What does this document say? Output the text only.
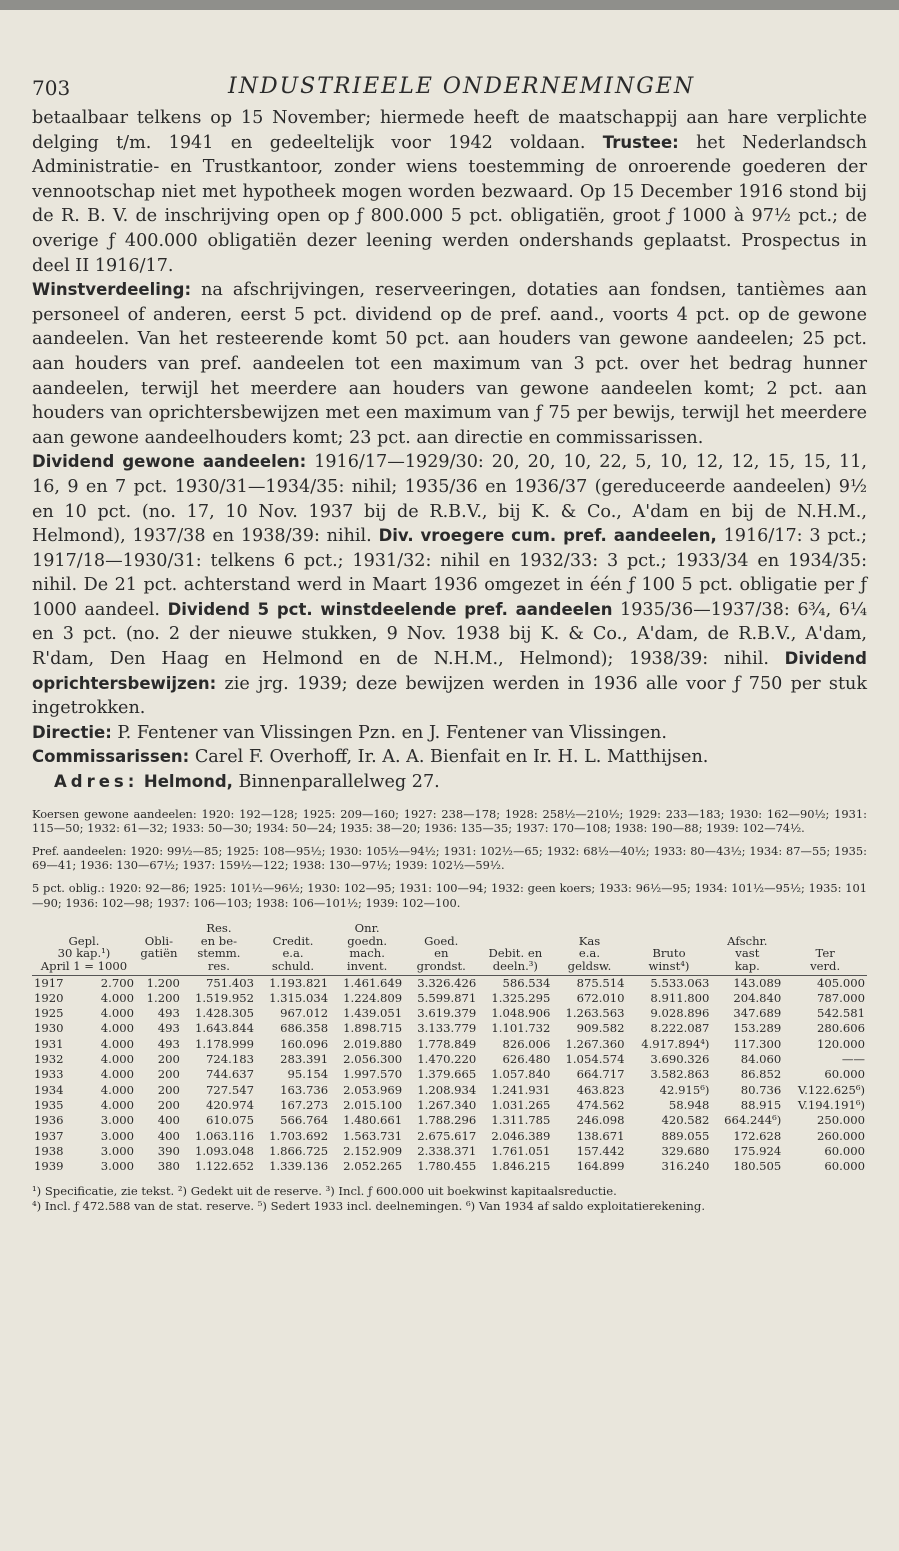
703	INDUSTRIEELE ONDERNEMINGEN

betaalbaar telkens op 15 November; hiermede heeft de maatschappij aan hare verplichte delging t/m. 1941 en gedeeltelijk voor 1942 voldaan. Trustee: het Nederlandsch Administratie- en Trustkantoor, zonder wiens toestemming de onroerende goederen der vennootschap niet met hypotheek mogen worden bezwaard. Op 15 December 1916 stond bij de R. B. V. de inschrijving open op ƒ 800.000 5 pct. obligatiën, groot ƒ 1000 à 97½ pct.; de overige ƒ 400.000 obligatiën dezer leening werden ondershands geplaatst. Prospectus in deel II 1916/17.

Winstverdeeling: na afschrijvingen, reserveeringen, dotaties aan fondsen, tantièmes aan personeel of anderen, eerst 5 pct. dividend op de pref. aand., voorts 4 pct. op de gewone aandeelen. Van het resteerende komt 50 pct. aan houders van gewone aandeelen; 25 pct. aan houders van pref. aandeelen tot een maximum van 3 pct. over het bedrag hunner aandeelen, terwijl het meerdere aan houders van gewone aandeelen komt; 2 pct. aan houders van oprichtersbewijzen met een maximum van ƒ 75 per bewijs, terwijl het meerdere aan gewone aandeelhouders komt; 23 pct. aan directie en commissarissen.

Dividend gewone aandeelen: 1916/17—1929/30: 20, 20, 10, 22, 5, 10, 12, 12, 15, 15, 11, 16, 9 en 7 pct. 1930/31—1934/35: nihil; 1935/36 en 1936/37 (gereduceerde aandeelen) 9½ en 10 pct. (no. 17, 10 Nov. 1937 bij de R.B.V., bij K. & Co., A'dam en bij de N.H.M., Helmond), 1937/38 en 1938/39: nihil. Div. vroegere cum. pref. aandeelen, 1916/17: 3 pct.; 1917/18—1930/31: telkens 6 pct.; 1931/32: nihil en 1932/33: 3 pct.; 1933/34 en 1934/35: nihil. De 21 pct. achterstand werd in Maart 1936 omgezet in één ƒ 100 5 pct. obligatie per ƒ 1000 aandeel. Dividend 5 pct. winstdeelende pref. aandeelen 1935/36—1937/38: 6¾, 6¼ en 3 pct. (no. 2 der nieuwe stukken, 9 Nov. 1938 bij K. & Co., A'dam, de R.B.V., A'dam, R'dam, Den Haag en Helmond en de N.H.M., Helmond); 1938/39: nihil. Dividend oprichtersbewijzen: zie jrg. 1939; deze bewijzen werden in 1936 alle voor ƒ 750 per stuk ingetrokken.

Directie: P. Fentener van Vlissingen Pzn. en J. Fentener van Vlissingen.

Commissarissen: Carel F. Overhoff, Ir. A. A. Bienfait en Ir. H. L. Matthijsen.

Adres: Helmond, Binnenparallelweg 27.

Koersen gewone aandeelen: 1920: 192—128; 1925: 209—160; 1927: 238—178; 1928: 258½—210½; 1929: 233—183; 1930: 162—90½; 1931: 115—50; 1932: 61—32; 1933: 50—30; 1934: 50—24; 1935: 38—20; 1936: 135—35; 1937: 170—108; 1938: 190—88; 1939: 102—74½.

Pref. aandeelen: 1920: 99½—85; 1925: 108—95½; 1930: 105½—94½; 1931: 102½—65; 1932: 68½—40½; 1933: 80—43½; 1934: 87—55; 1935: 69—41; 1936: 130—67½; 1937: 159½—122; 1938: 130—97½; 1939: 102½—59½.

5 pct. oblig.: 1920: 92—86; 1925: 101½—96½; 1930: 102—95; 1931: 100—94; 1932: geen koers; 1933: 96½—95; 1934: 101½—95½; 1935: 101—90; 1936: 102—98; 1937: 106—103; 1938: 106—101½; 1939: 102—100.

			Res.		Onr.						
Gepl.		Obli-	en be-	Credit.	goedn.	Goed.		Kas		Afschr.	
30 kap.¹)		gatiën	stemm.	e.a.	mach.	en	Debit. en	e.a.	Bruto	vast	Ter
April 1 = 1000			res.	schuld.	invent.	grondst.	deeln.³)	geldsw.	winst⁴)	kap.	verd.
1917	2.700	1.200	751.403	1.193.821	1.461.649	3.326.426	586.534	875.514	5.533.063	143.089	405.000
1920	4.000	1.200	1.519.952	1.315.034	1.224.809	5.599.871	1.325.295	672.010	8.911.800	204.840	787.000
1925	4.000	493	1.428.305	967.012	1.439.051	3.619.379	1.048.906	1.263.563	9.028.896	347.689	542.581
1930	4.000	493	1.643.844	686.358	1.898.715	3.133.779	1.101.732	909.582	8.222.087	153.289	280.606
1931	4.000	493	1.178.999	160.096	2.019.880	1.778.849	826.006	1.267.360	4.917.894⁴)	117.300	120.000
1932	4.000	200	724.183	283.391	2.056.300	1.470.220	626.480	1.054.574	3.690.326	84.060	——
1933	4.000	200	744.637	95.154	1.997.570	1.379.665	1.057.840	664.717	3.582.863	86.852	60.000
1934	4.000	200	727.547	163.736	2.053.969	1.208.934	1.241.931	463.823	42.915⁶)	80.736	V.122.625⁶)
1935	4.000	200	420.974	167.273	2.015.100	1.267.340	1.031.265	474.562	58.948	88.915	V.194.191⁶)
1936	3.000	400	610.075	566.764	1.480.661	1.788.296	1.311.785	246.098	420.582	664.244⁶)	250.000
1937	3.000	400	1.063.116	1.703.692	1.563.731	2.675.617	2.046.389	138.671	889.055	172.628	260.000
1938	3.000	390	1.093.048	1.866.725	2.152.909	2.338.371	1.761.051	157.442	329.680	175.924	60.000
1939	3.000	380	1.122.652	1.339.136	2.052.265	1.780.455	1.846.215	164.899	316.240	180.505	60.000

¹) Specificatie, zie tekst. ²) Gedekt uit de reserve. ³) Incl. ƒ 600.000 uit boekwinst kapitaalsreductie.

⁴) Incl. ƒ 472.588 van de stat. reserve. ⁵) Sedert 1933 incl. deelnemingen. ⁶) Van 1934 af saldo exploitatierekening.
